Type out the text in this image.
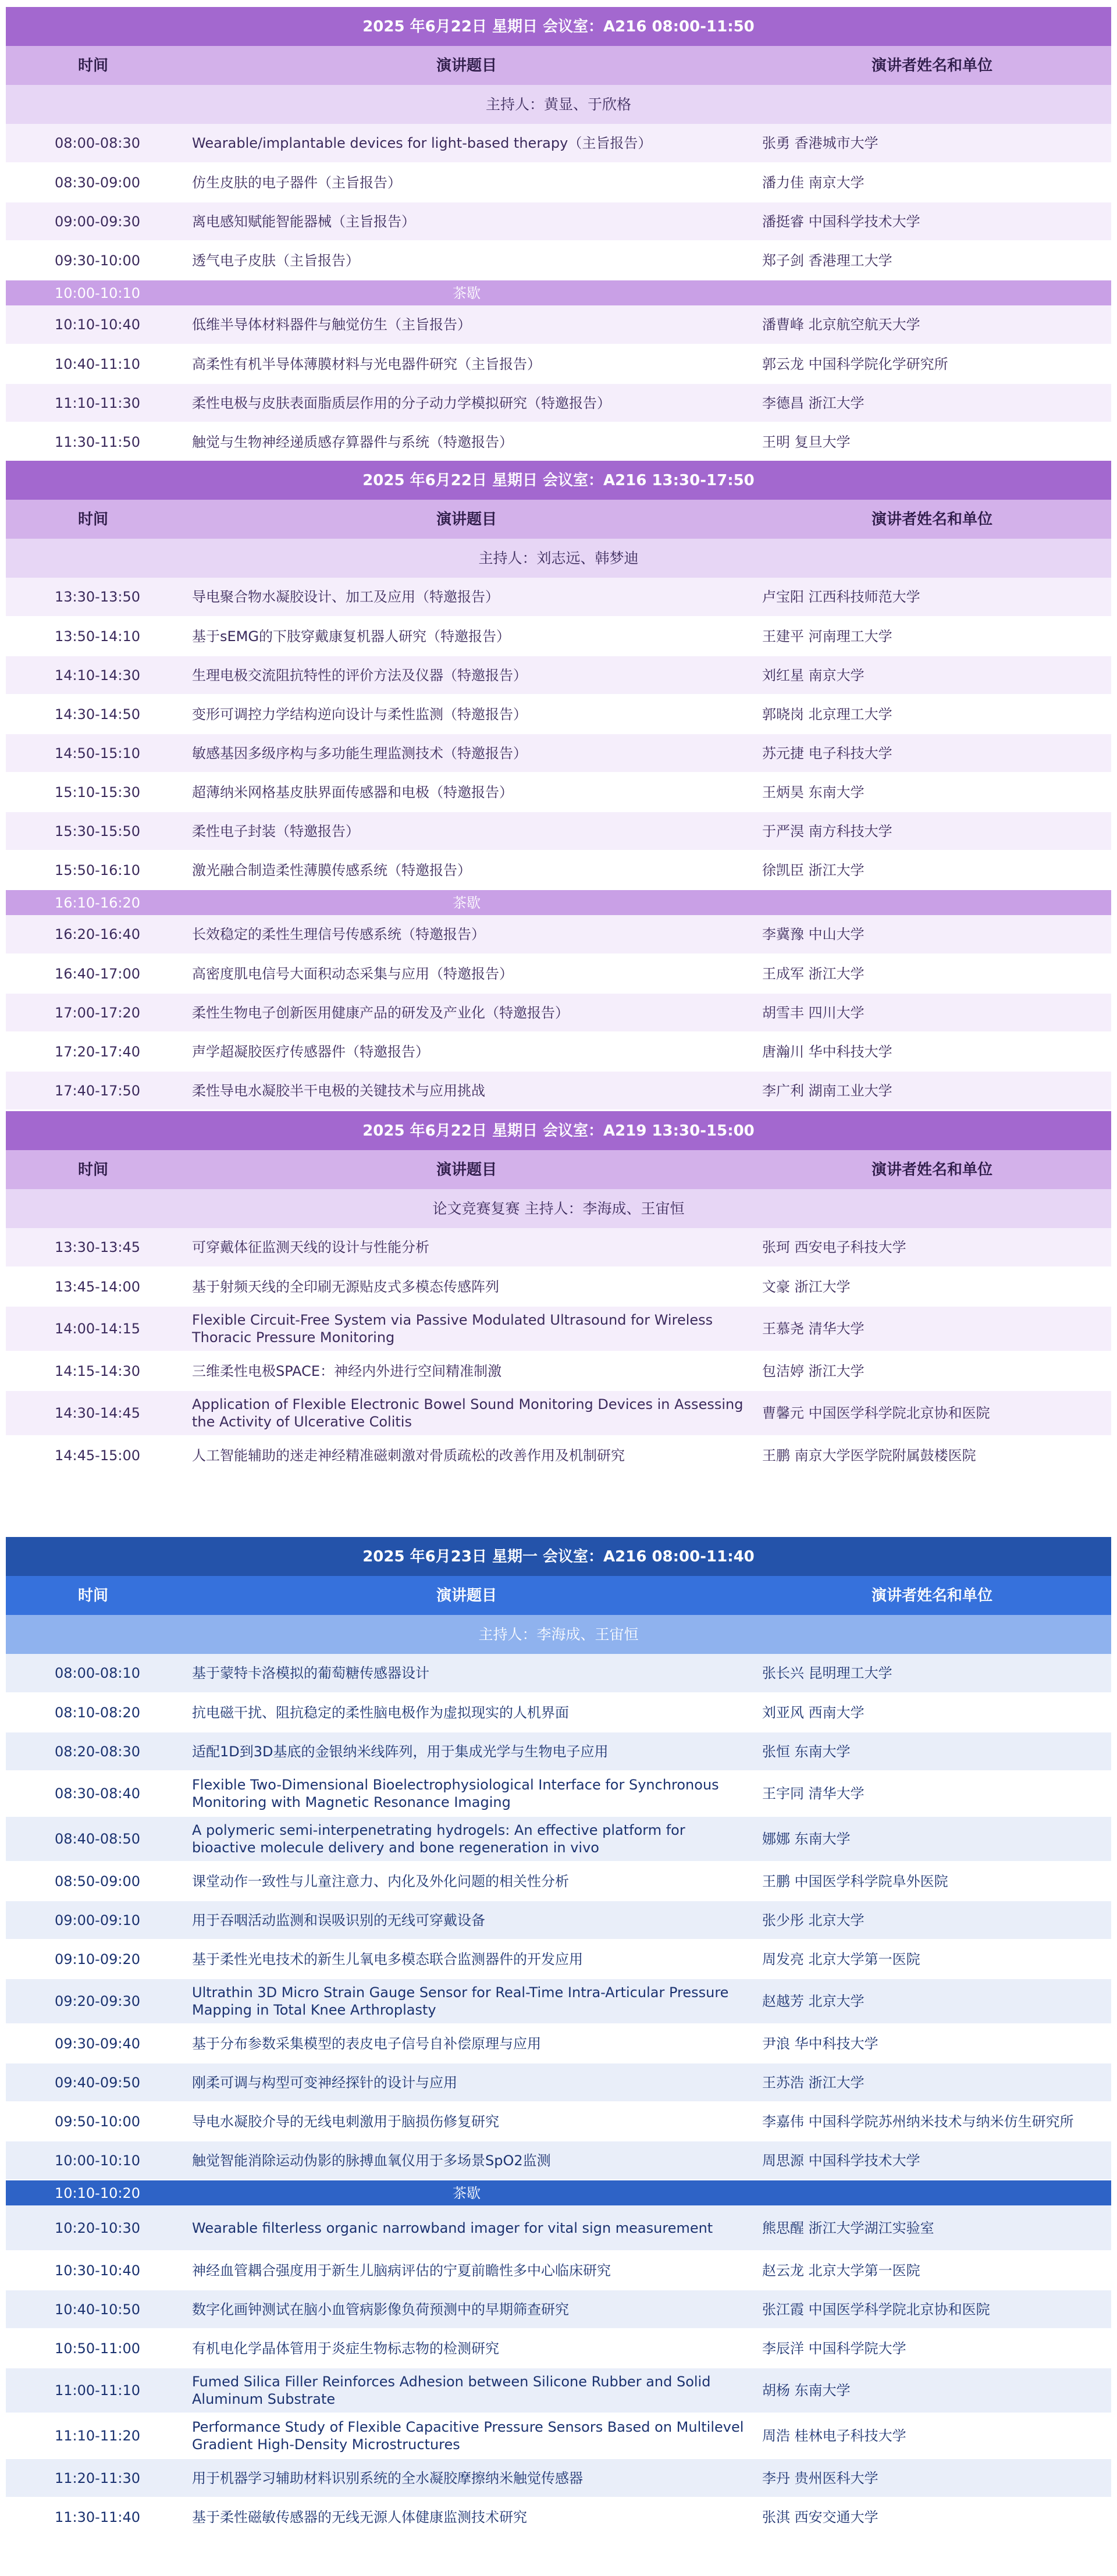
2025 年6月22日 星期日 会议室：A216 08:00-11:50		
时间	演讲题目	演讲者姓名和单位
主持人：黄显、于欣格		
08:00-08:30	Wearable/implantable devices for light-based therapy（主旨报告）	张勇 香港城市大学
08:30-09:00	仿生皮肤的电子器件（主旨报告）	潘力佳 南京大学
09:00-09:30	离电感知赋能智能器械（主旨报告）	潘挺睿 中国科学技术大学
09:30-10:00	透气电子皮肤（主旨报告）	郑子剑 香港理工大学
10:00-10:10	茶歇	
10:10-10:40	低维半导体材料器件与触觉仿生（主旨报告）	潘曹峰 北京航空航天大学
10:40-11:10	高柔性有机半导体薄膜材料与光电器件研究（主旨报告）	郭云龙 中国科学院化学研究所
11:10-11:30	柔性电极与皮肤表面脂质层作用的分子动力学模拟研究（特邀报告）	李德昌 浙江大学
11:30-11:50	触觉与生物神经递质感存算器件与系统（特邀报告）	王明 复旦大学
2025 年6月22日 星期日 会议室：A216 13:30-17:50		
时间	演讲题目	演讲者姓名和单位
主持人：刘志远、韩梦迪		
13:30-13:50	导电聚合物水凝胶设计、加工及应用（特邀报告）	卢宝阳 江西科技师范大学
13:50-14:10	基于sEMG的下肢穿戴康复机器人研究（特邀报告）	王建平 河南理工大学
14:10-14:30	生理电极交流阻抗特性的评价方法及仪器（特邀报告）	刘红星 南京大学
14:30-14:50	变形可调控力学结构逆向设计与柔性监测（特邀报告）	郭晓岗 北京理工大学
14:50-15:10	敏感基因多级序构与多功能生理监测技术（特邀报告）	苏元捷 电子科技大学
15:10-15:30	超薄纳米网格基皮肤界面传感器和电极（特邀报告）	王炳昊 东南大学
15:30-15:50	柔性电子封装（特邀报告）	于严淏 南方科技大学
15:50-16:10	激光融合制造柔性薄膜传感系统（特邀报告）	徐凯臣 浙江大学
16:10-16:20	茶歇	
16:20-16:40	长效稳定的柔性生理信号传感系统（特邀报告）	李冀豫 中山大学
16:40-17:00	高密度肌电信号大面积动态采集与应用（特邀报告）	王成军 浙江大学
17:00-17:20	柔性生物电子创新医用健康产品的研发及产业化（特邀报告）	胡雪丰 四川大学
17:20-17:40	声学超凝胶医疗传感器件（特邀报告）	唐瀚川 华中科技大学
17:40-17:50	柔性导电水凝胶半干电极的关键技术与应用挑战	李广利 湖南工业大学
2025 年6月22日 星期日 会议室：A219 13:30-15:00		
时间	演讲题目	演讲者姓名和单位
论文竞赛复赛 主持人：李海成、王宙恒		
13:30-13:45	可穿戴体征监测天线的设计与性能分析	张珂 西安电子科技大学
13:45-14:00	基于射频天线的全印刷无源贴皮式多模态传感阵列	文豪 浙江大学
14:00-14:15	Flexible Circuit-Free System via Passive Modulated Ultrasound for Wireless Thoracic Pressure Monitoring	王慕尧 清华大学
14:15-14:30	三维柔性电极SPACE：神经内外进行空间精准制激	包洁婷 浙江大学
14:30-14:45	Application of Flexible Electronic Bowel Sound Monitoring Devices in Assessing the Activity of Ulcerative Colitis	曹馨元 中国医学科学院北京协和医院
14:45-15:00	人工智能辅助的迷走神经精准磁刺激对骨质疏松的改善作用及机制研究	王鹏 南京大学医学院附属鼓楼医院
2025 年6月23日 星期一 会议室：A216 08:00-11:40		
时间	演讲题目	演讲者姓名和单位
主持人：李海成、王宙恒		
08:00-08:10	基于蒙特卡洛模拟的葡萄糖传感器设计	张长兴 昆明理工大学
08:10-08:20	抗电磁干扰、阻抗稳定的柔性脑电极作为虚拟现实的人机界面	刘亚风 西南大学
08:20-08:30	适配1D到3D基底的金银纳米线阵列，用于集成光学与生物电子应用	张恒 东南大学
08:30-08:40	Flexible Two-Dimensional Bioelectrophysiological Interface for Synchronous Monitoring with Magnetic Resonance Imaging	王宇同 清华大学
08:40-08:50	A polymeric semi-interpenetrating hydrogels: An effective platform for bioactive molecule delivery and bone regeneration in vivo	娜娜 东南大学
08:50-09:00	课堂动作一致性与儿童注意力、内化及外化问题的相关性分析	王鹏 中国医学科学院阜外医院
09:00-09:10	用于吞咽活动监测和误吸识别的无线可穿戴设备	张少彤 北京大学
09:10-09:20	基于柔性光电技术的新生儿氧电多模态联合监测器件的开发应用	周发亮 北京大学第一医院
09:20-09:30	Ultrathin 3D Micro Strain Gauge Sensor for Real-Time Intra-Articular Pressure Mapping in Total Knee Arthroplasty	赵越芳 北京大学
09:30-09:40	基于分布参数采集模型的表皮电子信号自补偿原理与应用	尹浪 华中科技大学
09:40-09:50	刚柔可调与构型可变神经探针的设计与应用	王苏浩 浙江大学
09:50-10:00	导电水凝胶介导的无线电刺激用于脑损伤修复研究	李嘉伟 中国科学院苏州纳米技术与纳米仿生研究所
10:00-10:10	触觉智能消除运动伪影的脉搏血氧仪用于多场景SpO2监测	周思源 中国科学技术大学
10:10-10:20	茶歇	
10:20-10:30	Wearable filterless organic narrowband imager for vital sign measurement	熊思醒 浙江大学湖江实验室
10:30-10:40	神经血管耦合强度用于新生儿脑病评估的宁夏前瞻性多中心临床研究	赵云龙 北京大学第一医院
10:40-10:50	数字化画钟测试在脑小血管病影像负荷预测中的早期筛查研究	张江霞 中国医学科学院北京协和医院
10:50-11:00	有机电化学晶体管用于炎症生物标志物的检测研究	李辰洋 中国科学院大学
11:00-11:10	Fumed Silica Filler Reinforces Adhesion between Silicone Rubber and Solid Aluminum Substrate	胡杨 东南大学
11:10-11:20	Performance Study of Flexible Capacitive Pressure Sensors Based on Multilevel Gradient High-Density Microstructures	周浩 桂林电子科技大学
11:20-11:30	用于机器学习辅助材料识别系统的全水凝胶摩擦纳米触觉传感器	李丹 贵州医科大学
11:30-11:40	基于柔性磁敏传感器的无线无源人体健康监测技术研究	张淇 西安交通大学
